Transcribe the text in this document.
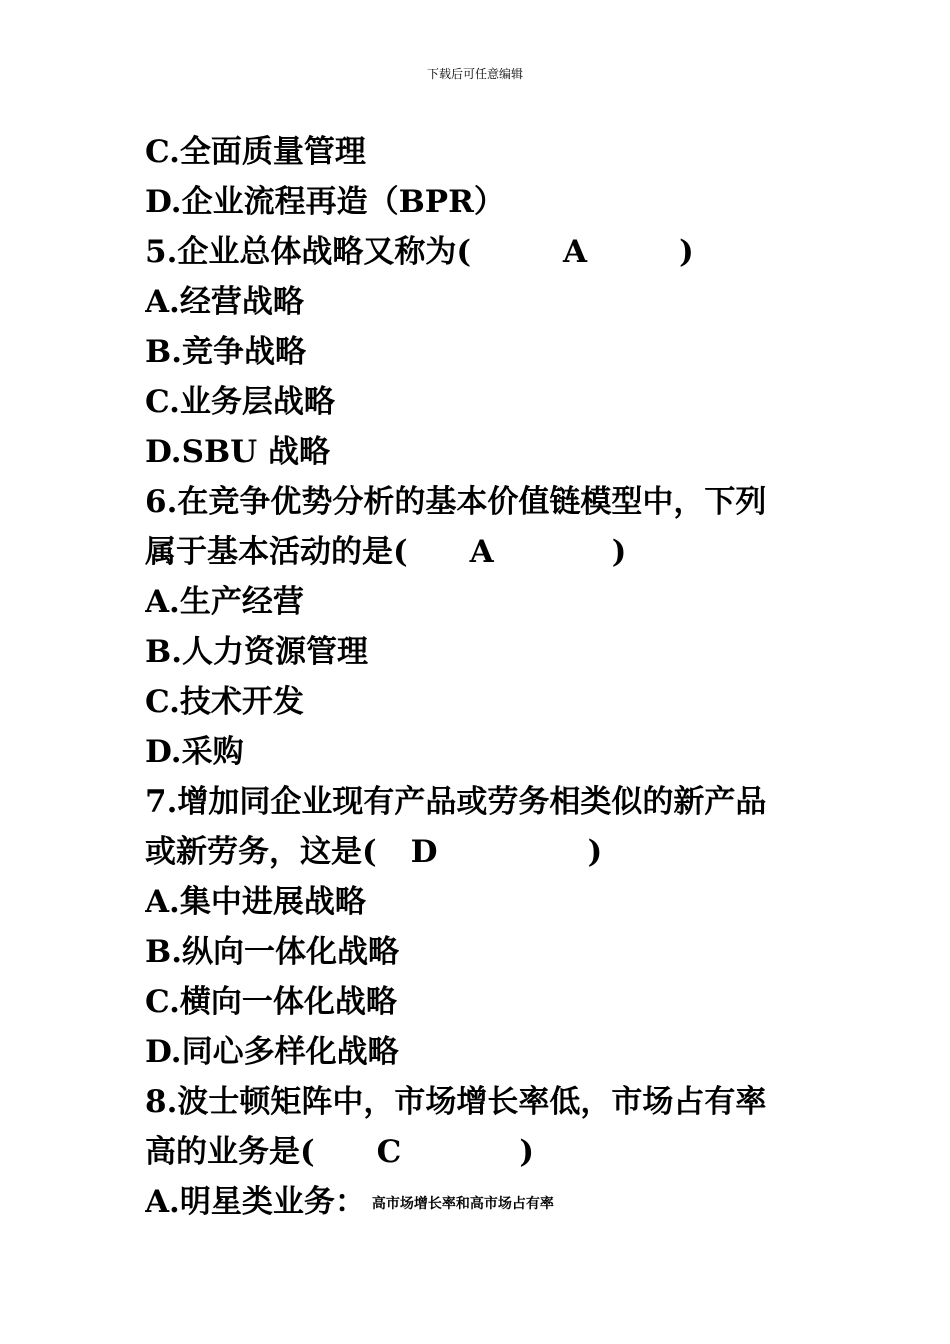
下载后可任意编辑
C.全面质量管理
D.企业流程再造（BPR）
5.企业总体战略又称为(	A	)
A.经营战略
B.竞争战略
C.业务层战略
D.SBU 战略
6.在竞争优势分析的基本价值链模型中，下列
属于基本活动的是( A	)
A.生产经营
B.人力资源管理
C.技术开发
D.采购
7.增加同企业现有产品或劳务相类似的新产品
或新劳务，这是( D	)
A.集中进展战略
B.纵向一体化战略
C.横向一体化战略
D.同心多样化战略
8.波士顿矩阵中，市场增长率低，市场占有率
高的业务是( C	)
A.明星类业务： 高市场增长率和高市场占有率
